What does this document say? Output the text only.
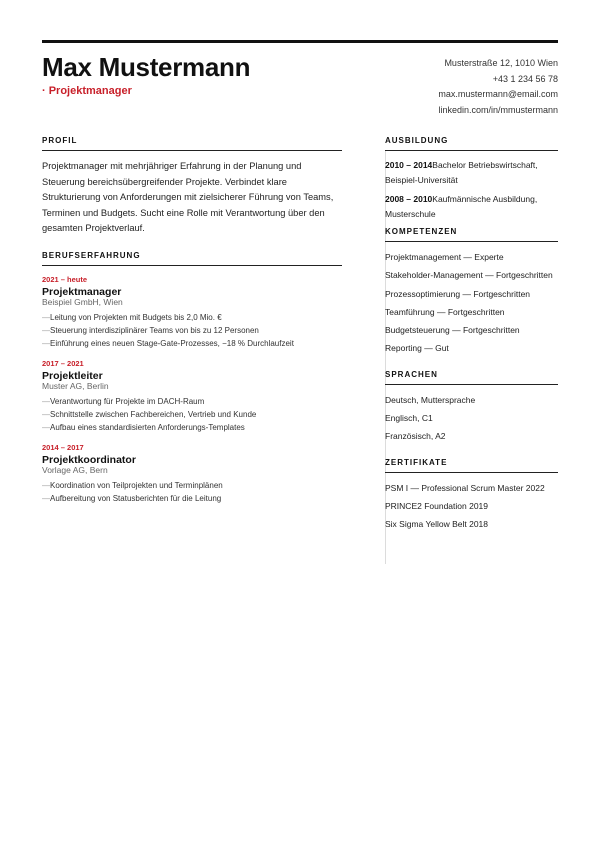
Max Mustermann
· Projektmanager
Musterstraße 12, 1010 Wien
+43 1 234 56 78
max.mustermann@email.com
linkedin.com/in/mmustermann
PROFIL
Projektmanager mit mehrjähriger Erfahrung in der Planung und Steuerung bereichsübergreifender Projekte. Verbindet klare Strukturierung von Anforderungen mit zielsicherer Führung von Teams, Terminen und Budgets. Sucht eine Rolle mit Verantwortung über den gesamten Projektverlauf.
BERUFSERFAHRUNG
2021 – heute
Projektmanager
Beispiel GmbH, Wien
—Leitung von Projekten mit Budgets bis 2,0 Mio. €
—Steuerung interdisziplinärer Teams von bis zu 12 Personen
—Einführung eines neuen Stage-Gate-Prozesses, −18 % Durchlaufzeit
2017 – 2021
Projektleiter
Muster AG, Berlin
—Verantwortung für Projekte im DACH-Raum
—Schnittstelle zwischen Fachbereichen, Vertrieb und Kunde
—Aufbau eines standardisierten Anforderungs-Templates
2014 – 2017
Projektkoordinator
Vorlage AG, Bern
—Koordination von Teilprojekten und Terminplänen
—Aufbereitung von Statusberichten für die Leitung
AUSBILDUNG
2010 – 2014Bachelor Betriebswirtschaft, Beispiel-Universität
2008 – 2010Kaufmännische Ausbildung, Musterschule
KOMPETENZEN
Projektmanagement — Experte
Stakeholder-Management — Fortgeschritten
Prozessoptimierung — Fortgeschritten
Teamführung — Fortgeschritten
Budgetsteuerung — Fortgeschritten
Reporting — Gut
SPRACHEN
Deutsch, Muttersprache
Englisch, C1
Französisch, A2
ZERTIFIKATE
PSM I — Professional Scrum Master 2022
PRINCE2 Foundation 2019
Six Sigma Yellow Belt 2018
